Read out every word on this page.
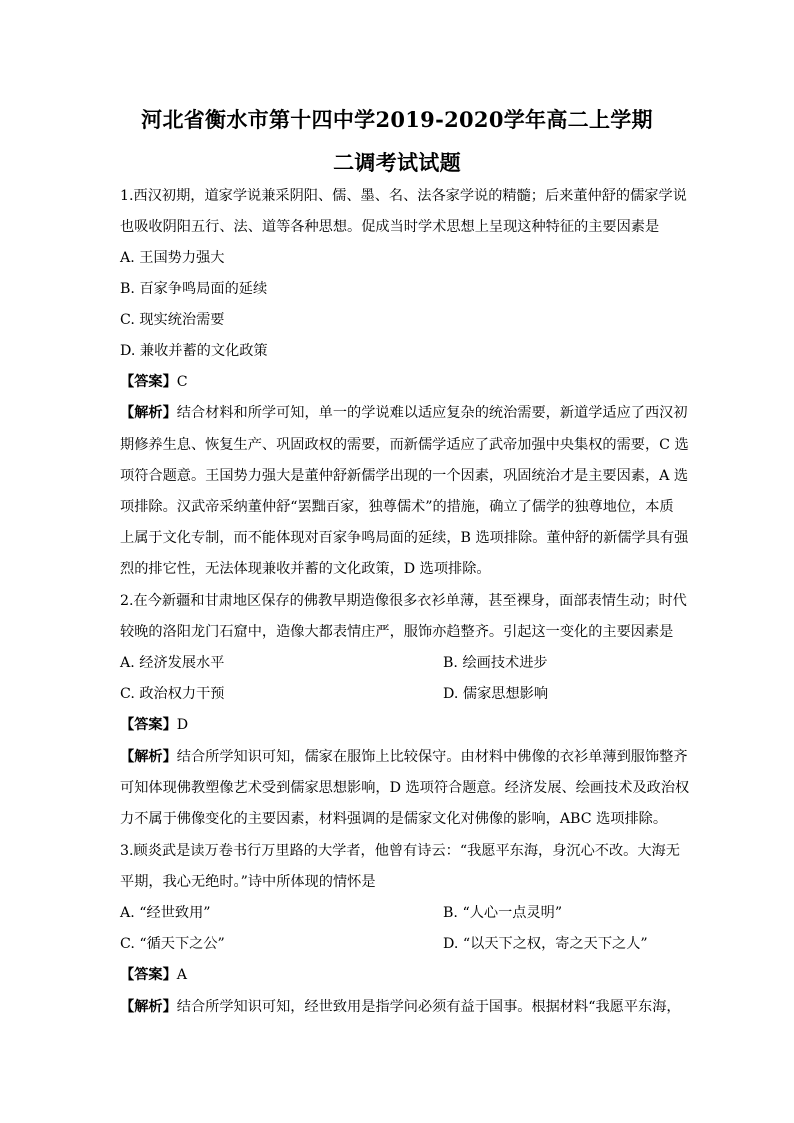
河北省衡水市第十四中学2019-2020学年高二上学期
二调考试试题
1.西汉初期，道家学说兼采阴阳、儒、墨、名、法各家学说的精髓；后来董仲舒的儒家学说
也吸收阴阳五行、法、道等各种思想。促成当时学术思想上呈现这种特征的主要因素是
A. 王国势力强大
B. 百家争鸣局面的延续
C. 现实统治需要
D. 兼收并蓄的文化政策
【答案】C
【解析】结合材料和所学可知，单一的学说难以适应复杂的统治需要，新道学适应了西汉初
期修养生息、恢复生产、巩固政权的需要，而新儒学适应了武帝加强中央集权的需要，C 选
项符合题意。王国势力强大是董仲舒新儒学出现的一个因素，巩固统治才是主要因素，A 选
项排除。汉武帝采纳董仲舒“罢黜百家，独尊儒术”的措施，确立了儒学的独尊地位，本质
上属于文化专制，而不能体现对百家争鸣局面的延续，B 选项排除。董仲舒的新儒学具有强
烈的排它性，无法体现兼收并蓄的文化政策，D 选项排除。
2.在今新疆和甘肃地区保存的佛教早期造像很多衣衫单薄，甚至裸身，面部表情生动；时代
较晚的洛阳龙门石窟中，造像大都表情庄严，服饰亦趋整齐。引起这一变化的主要因素是
A. 经济发展水平	B. 绘画技术进步
C. 政治权力干预	D. 儒家思想影响
【答案】D
【解析】结合所学知识可知，儒家在服饰上比较保守。由材料中佛像的衣衫单薄到服饰整齐
可知体现佛教塑像艺术受到儒家思想影响，D 选项符合题意。经济发展、绘画技术及政治权
力不属于佛像变化的主要因素，材料强调的是儒家文化对佛像的影响，ABC 选项排除。
3.顾炎武是读万卷书行万里路的大学者，他曾有诗云：“我愿平东海，身沉心不改。大海无
平期，我心无绝时。”诗中所体现的情怀是
A. “经世致用”	B. “人心一点灵明”
C. “循天下之公”	D. “以天下之权，寄之天下之人”
【答案】A
【解析】结合所学知识可知，经世致用是指学问必须有益于国事。根据材料“我愿平东海，
